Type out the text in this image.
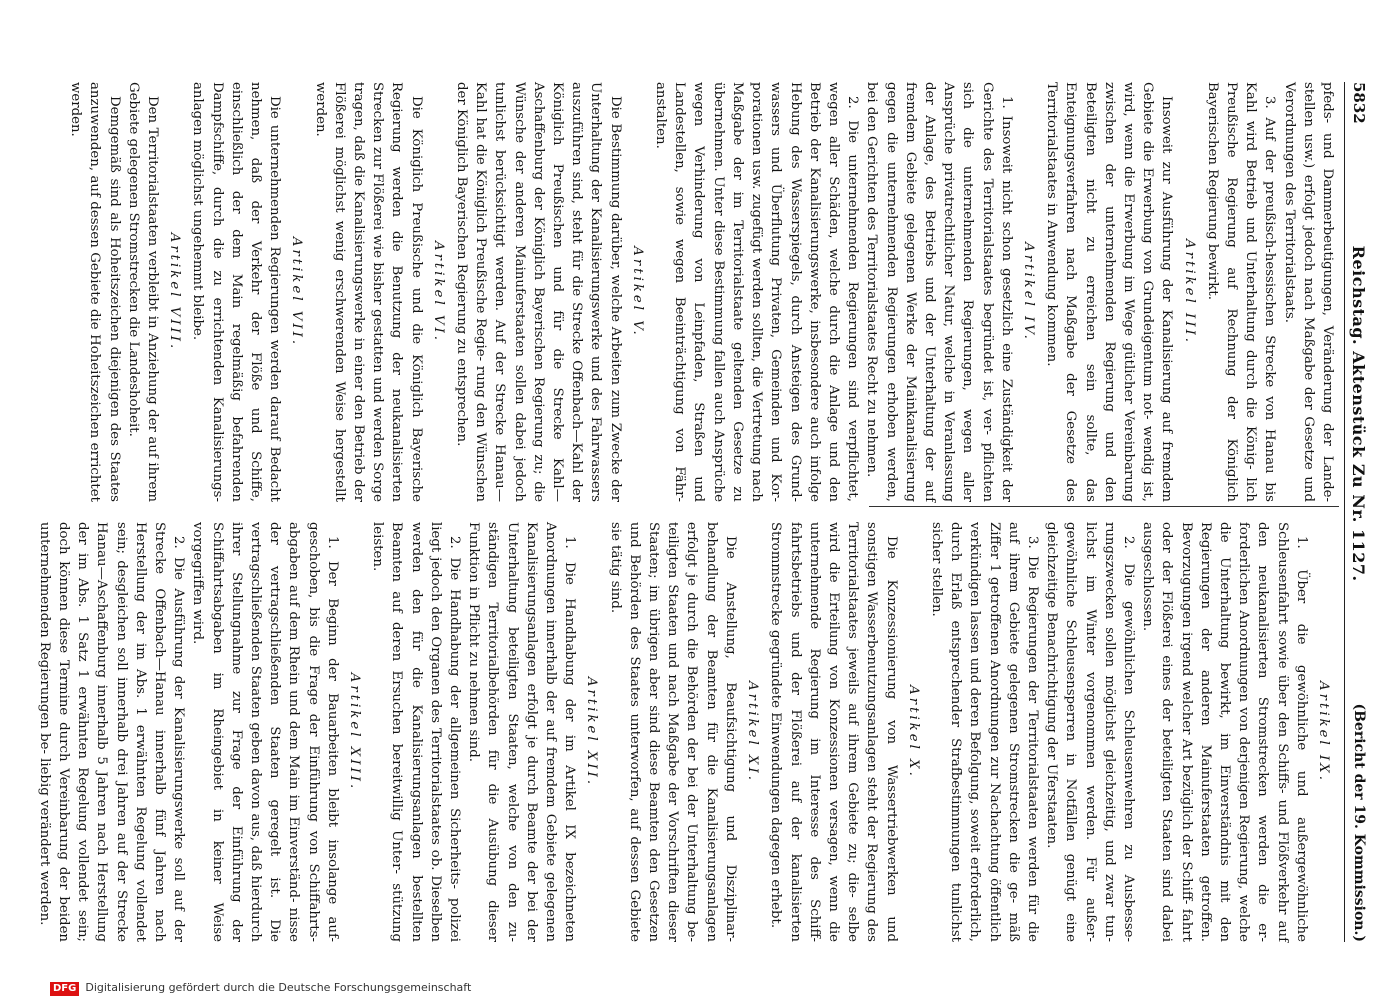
5832
Reichstag. Aktenstück Zu Nr. 1127.
(Bericht der 19. Kommission.)

pfeds- und Dammerbeutigungen, Veränderung der Lande- stellen usw.) erfolgt jedoch nach Maßgabe der Gesetze und Verordnungen des Territorialstaats.

3. Auf der preußisch-hessischen Strecke von Hanau bis Kahl wird Betrieb und Unterhaltung durch die König- lich Preußische Regierung auf Rechnung der Königlich Bayerischen Regierung bewirkt.

Artikel III.

Insoweit zur Ausführung der Kanalisierung auf fremdem Gebiete die Erwerbung von Grundeigentum not- wendig ist, wird, wenn die Erwerbung im Wege gütlicher Vereinbarung zwischen der unternehmenden Regierung und den Beteiligten nicht zu erreichen sein sollte, das Enteignungsverfahren nach Maßgabe der Gesetze des Territorialstaates in Anwendung kommen.

Artikel IV.

1. Insoweit nicht schon gesetzlich eine Zuständigkeit der Gerichte des Territorialstaates begründet ist, ver- pflichten sich die unternehmenden Regierungen, wegen aller Ansprüche privatrechtlicher Natur, welche in Veranlassung der Anlage, des Betriebs und der Unterhaltung der auf fremdem Gebiete gelegenen Werke der Mainkanalisierung gegen die unternehmenden Regierungen erhoben werden, bei den Gerichten des Territorialstaates Recht zu nehmen.

2. Die unternehmenden Regierungen sind verpflichtet, wegen aller Schäden, welche durch die Anlage und den Betrieb der Kanalisierungswerke, insbesondere auch infolge Hebung des Wasserspiegels, durch Ansteigen des Grund- wassers und Überflutung Privaten, Gemeinden und Kor- porationen usw. zugefügt werden sollten, die Vertretung nach Maßgabe der im Territorialstaate geltenden Gesetze zu übernehmen. Unter diese Bestimmung fallen auch Ansprüche wegen Verhinderung von Leinpfaden, Straßen und Landestellen, sowie wegen Beeinträchtigung von Fähr- anstalten.

Artikel V.

Die Bestimmung darüber, welche Arbeiten zum Zwecke der Unterhaltung der Kanalisierungswerke und des Fahrwassers auszuführen sind, steht für die Strecke Offenbach—Kahl der Königlich Preußischen und für die Strecke Kahl—Aschaffenburg der Königlich Bayerischen Regierung zu; die Wünsche der anderen Mainuferstaaten sollen dabei jedoch tunlichst berücksichtigt werden. Auf der Strecke Hanau—Kahl hat die Königlich Preußische Regie- rung den Wünschen der Königlich Bayerischen Regierung zu entsprechen.

Artikel VI.

Die Königlich Preußische und die Königlich Bayerische Regierung werden die Benutzung der neukanalisierten Strecken zur Flößerei wie bisher gestatten und werden Sorge tragen, daß die Kanalisierungswerke in einer den Betrieb der Flößerei möglichst wenig erschwerenden Weise hergestellt werden.

Artikel VII.

Die unternehmenden Regierungen werden darauf Bedacht nehmen, daß der Verkehr der Flöße und Schiffe, einschließlich der dem Main regelmäßig befahrenden Dampfschiffe, durch die zu errichtenden Kanalisierungs- anlagen möglichst ungehemmt bleibe.

Artikel VIII.

Den Territorialstaaten verbleibt in Anziehung der auf ihrem Gebiete gelegenen Stromstrecken die Landeshoheit.

Demgemäß sind als Hoheitszeichen diejenigen des Staates anzuwenden, auf dessen Gebiete die Hoheitszeichen errichtet werden.

Artikel IX.

1. Über die gewöhnliche und außergewöhnliche Schleusenfahrt sowie über den Schiffs- und Flößverkehr auf den neukanalisierten Stromstrecken werden die er- forderlichen Anordnungen von derjenigen Regierung, welche die Unterhaltung bewirkt, im Einverständnis mit den Regierungen der anderen Mainuferstaaten getroffen. Bevorzugungen irgend welcher Art bezüglich der Schiff- fahrt oder der Flößerei eines der beteiligten Staaten sind dabei ausgeschlossen.

2. Die gewöhnlichen Schleusenwehren zu Ausbesse- rungszwecken sollen möglichst gleichzeitig, und zwar tun- lichst im Winter vorgenommen werden. Für außer- gewöhnliche Schleusensperren in Notfällen genügt eine gleichzeitige Benachrichtigung der Uferstaaten.

3. Die Regierungen der Territorialstaaten werden für die auf ihrem Gebiete gelegenen Stromstrecken die ge- mäß Ziffer 1 getroffenen Anordnungen zur Nachachtung öffentlich verkündigen lassen und deren Befolgung, soweit erforderlich, durch Erlaß entsprechender Strafbestimmungen tunlichst sicher stellen.

Artikel X.

Die Konzessionierung von Wassertriebwerken und sonstigen Wasserbenutzungsanlagen steht der Regierung des Territorialstaates jeweils auf ihrem Gebiete zu; die- selbe wird die Erteilung von Konzessionen versagen, wenn die unternehmende Regierung im Interesse des Schiff- fahrtsbetriebs und der Flößerei auf der kanalisierten Strommstrecke gegründete Einwendungen dagegen erhebt.

Artikel XI.

Die Anstellung, Beaufsichtigung und Disziplinar- behandlung der Beamten für die Kanalisierungsanlagen erfolgt je durch die Behörden der bei der Unterhaltung be- teiligten Staaten und nach Maßgabe der Vorschriften dieser Staaten; im übrigen aber sind diese Beamten den Gesetzen und Behörden des Staates unterworfen, auf dessen Gebiete sie tätig sind.

Artikel XII.

1. Die Handhabung der im Artikel IX bezeichneten Anordnungen innerhalb der auf fremdem Gebiete gelegenen Kanalisierungsanlagen erfolgt je durch Beamte der bei der Unterhaltung beteiligten Staaten, welche von den zu- ständigen Territorialbehörden für die Ausübung dieser Funktion in Pflicht zu nehmen sind.

2. Die Handhabung der allgemeinen Sicherheits- polizei liegt jedoch den Organen des Territorialstaates ob. Dieselben werden den für die Kanalisierungsanlagen bestellten Beamten auf deren Ersuchen bereitwillig Unter- stützung leisten.

Artikel XIII.

1. Der Beginn der Bauarbeiten bleibt insolange auf- geschoben, bis die Frage der Einführung von Schiffahrts- abgaben auf dem Rhein und dem Main im Einverständ- nisse der vertragschließenden Staaten geregelt ist. Die vertragschließenden Staaten geben davon aus, daß hierdurch ihrer Stellungnahme zur Frage der Einführung der Schiffahrtsabgaben im Rheingebiet in keiner Weise vorgegriffen wird.

2. Die Ausführung der Kanalisierungswerke soll auf der Strecke Offenbach—Hanau innerhalb fünf Jahren nach Herstellung der im Abs. 1 erwähnten Regelung vollendet sein; desgleichen soll innerhalb drei Jahren auf der Strecke Hanau—Aschaffenburg innerhalb 5 Jahren nach Herstellung der im Abs. 1 Satz 1 erwähnten Regelung vollendet sein; doch können diese Termine durch Vereinbarung der beiden unternehmenden Regierungen be- liebig verändert werden.

DFG Digitalisierung gefördert durch die Deutsche Forschungsgemeinschaft
